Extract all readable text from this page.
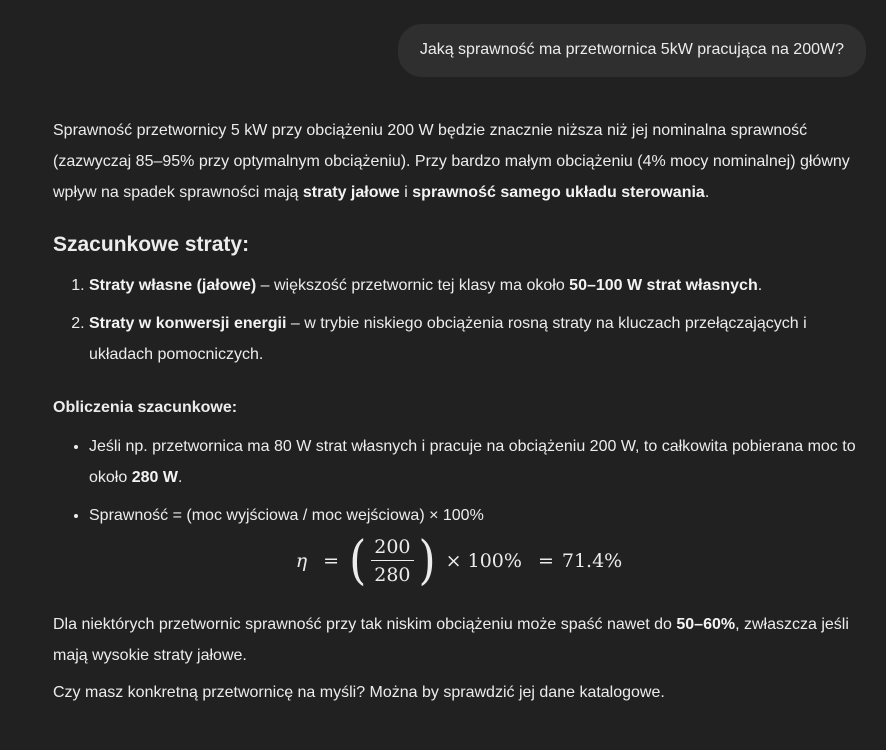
Jaką sprawność ma przetwornica 5kW pracująca na 200W?

Sprawność przetwornicy 5 kW przy obciążeniu 200 W będzie znacznie niższa niż jej nominalna sprawność (zazwyczaj 85–95% przy optymalnym obciążeniu). Przy bardzo małym obciążeniu (4% mocy nominalnej) główny wpływ na spadek sprawności mają straty jałowe i sprawność samego układu sterowania.

Szacunkowe straty:
1. Straty własne (jałowe) – większość przetwornic tej klasy ma około 50–100 W strat własnych.
2. Straty w konwersji energii – w trybie niskiego obciążenia rosną straty na kluczach przełączających i układach pomocniczych.

Obliczenia szacunkowe:

• Jeśli np. przetwornica ma 80 W strat własnych i pracuje na obciążeniu 200 W, to całkowita pobierana moc to około 280 W.
• Sprawność = (moc wyjściowa / moc wejściowa) × 100%
η = ( $\frac{200}{280}$ ) × 100% = 71.4%

Dla niektórych przetwornic sprawność przy tak niskim obciążeniu może spaść nawet do 50–60%, zwłaszcza jeśli mają wysokie straty jałowe.

Czy masz konkretną przetwornicę na myśli? Można by sprawdzić jej dane katalogowe.
